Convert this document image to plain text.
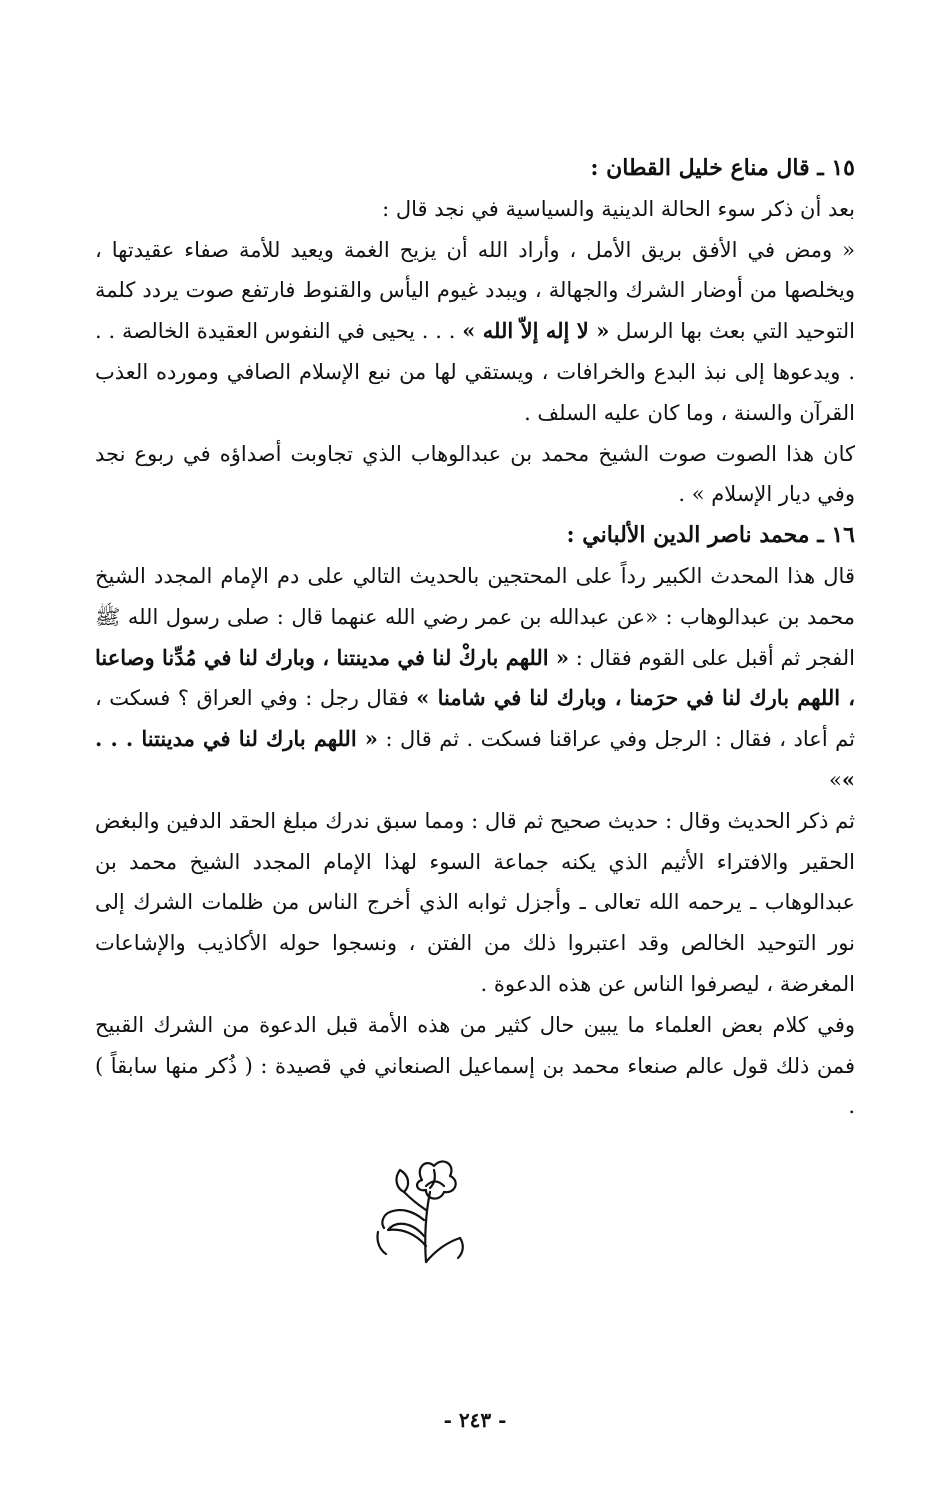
١٥ ـ قال مناع خليل القطان :

بعد أن ذكر سوء الحالة الدينية والسياسية في نجد قال :

« ومض في الأفق بريق الأمل ، وأراد الله أن يزيح الغمة ويعيد للأمة صفاء عقيدتها ، ويخلصها من أوضار الشرك والجهالة ، ويبدد غيوم اليأس والقنوط فارتفع صوت يردد كلمة التوحيد التي بعث بها الرسل « لا إله إلاّ الله » . . . يحيى في النفوس العقيدة الخالصة . . . ويدعوها إلى نبذ البدع والخرافات ، ويستقي لها من نبع الإسلام الصافي ومورده العذب القرآن والسنة ، وما كان عليه السلف .

كان هذا الصوت صوت الشيخ محمد بن عبدالوهاب الذي تجاوبت أصداؤه في ربوع نجد وفي ديار الإسلام » .

١٦ ـ محمد ناصر الدين الألباني :

قال هذا المحدث الكبير رداً على المحتجين بالحديث التالي على دم الإمام المجدد الشيخ محمد بن عبدالوهاب : «عن عبدالله بن عمر رضي الله عنهما قال : صلى رسول الله ﷺ الفجر ثم أقبل على القوم فقال : « اللهم باركْ لنا في مدينتنا ، وبارك لنا في مُدِّنا وصاعنا ، اللهم بارك لنا في حرَمنا ، وبارك لنا في شامنا » فقال رجل : وفي العراق ؟ فسكت ، ثم أعاد ، فقال : الرجل وفي عراقنا فسكت . ثم قال : « اللهم بارك لنا في مدينتنا . . . »»

ثم ذكر الحديث وقال : حديث صحيح ثم قال : ومما سبق ندرك مبلغ الحقد الدفين والبغض الحقير والافتراء الأثيم الذي يكنه جماعة السوء لهذا الإمام المجدد الشيخ محمد بن عبدالوهاب ـ يرحمه الله تعالى ـ وأجزل ثوابه الذي أخرج الناس من ظلمات الشرك إلى نور التوحيد الخالص وقد اعتبروا ذلك من الفتن ، ونسجوا حوله الأكاذيب والإشاعات المغرضة ، ليصرفوا الناس عن هذه الدعوة .

وفي كلام بعض العلماء ما يبين حال كثير من هذه الأمة قبل الدعوة من الشرك القبيح فمن ذلك قول عالم صنعاء محمد بن إسماعيل الصنعاني في قصيدة : ( ذُكر منها سابقاً ) .

- ٢٤٣ -
